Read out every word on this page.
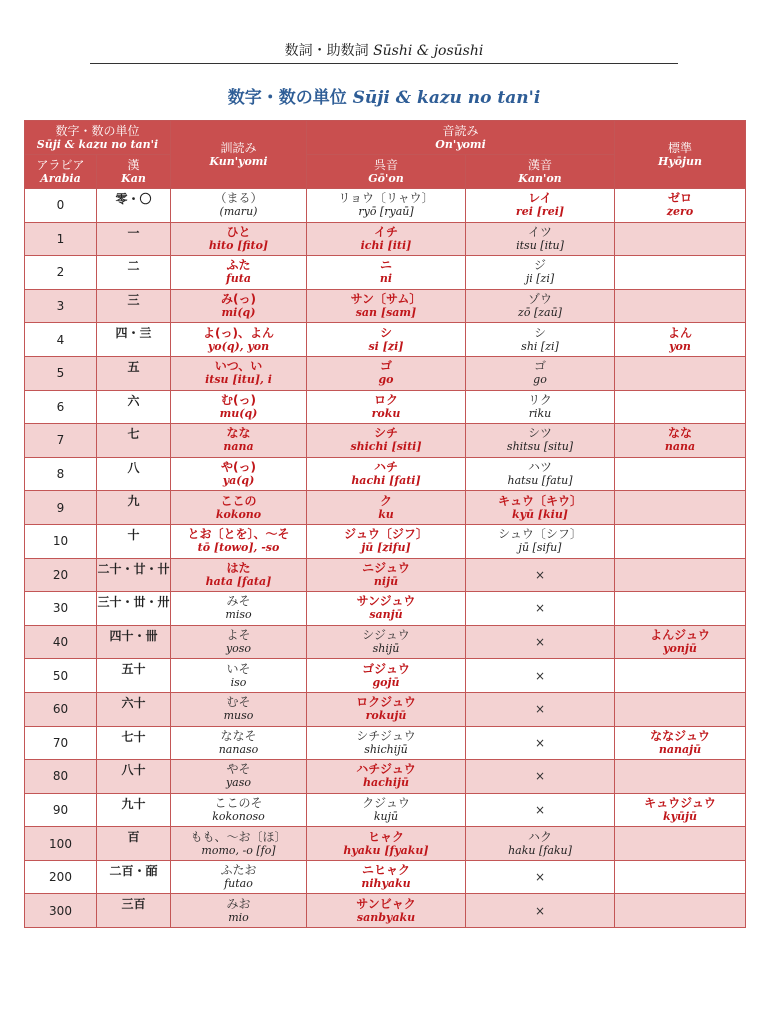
数詞・助数詞 Sūshi & josūshi
数字・数の単位 Sūji & kazu no tan'i
数字・数の単位
Sūji & kazu no tan'i		訓読み
Kun'yomi	音読み
On'yomi		標準
Hyōjun

アラビア
Arabia	漢
Kan		呉音
Gō'on	漢音
Kan'on	

0	零・〇	（まる）
(maru)	リョウ〔リャウ〕
ryō [ryaū]	レイ
rei [rei]	ゼロ
zero

1	一	ひと
hito [fito]	イチ
ichi [iti]	イツ
itsu [itu]	

2	二	ふた
futa	ニ
ni	ジ
ji [zi]	

3	三	み(っ)
mi(q)	サン〔サム〕
san [sam]	ゾウ
zō [zaū]	

4	四・亖	よ(っ)、よん
yo(q), yon	シ
si [zi]	シ
shi [zi]	よん
yon

5	五	いつ、い
itsu [itu], i	ゴ
go	ゴ
go	

6	六	む(っ)
mu(q)	ロク
roku	リク
riku	

7	七	なな
nana	シチ
shichi [siti]	シツ
shitsu [situ]	なな
nana

8	八	や(っ)
ya(q)	ハチ
hachi [fati]	ハツ
hatsu [fatu]	

9	九	ここの
kokono	ク
ku	キュウ〔キウ〕
kyū [kiu]	

10	十	とお〔とを〕、〜そ
tō [towo], -so	ジュウ〔ジフ〕
jū [zifu]	シュウ〔シフ〕
jū [sifu]	

20	二十・廿・卄	はた
hata [fata]	ニジュウ
nijū	×	

30	三十・丗・卅	みそ
miso	サンジュウ
sanjū	×	

40	四十・卌	よそ
yoso	シジュウ
shijū	×	よんジュウ
yonjū

50	五十	いそ
iso	ゴジュウ
gojū	×	

60	六十	むそ
muso	ロクジュウ
rokujū	×	

70	七十	ななそ
nanaso	シチジュウ
shichijū	×	ななジュウ
nanajū

80	八十	やそ
yaso	ハチジュウ
hachijū	×	

90	九十	ここのそ
kokonoso	クジュウ
kujū	×	キュウジュウ
kyūjū

100	百	もも、〜お〔ほ〕
momo, -o [fo]	ヒャク
hyaku [fyaku]	ハク
haku [faku]	

200	二百・皕	ふたお
futao	ニヒャク
nihyaku	×	

300	三百	みお
mio	サンビャク
sanbyaku	×	
